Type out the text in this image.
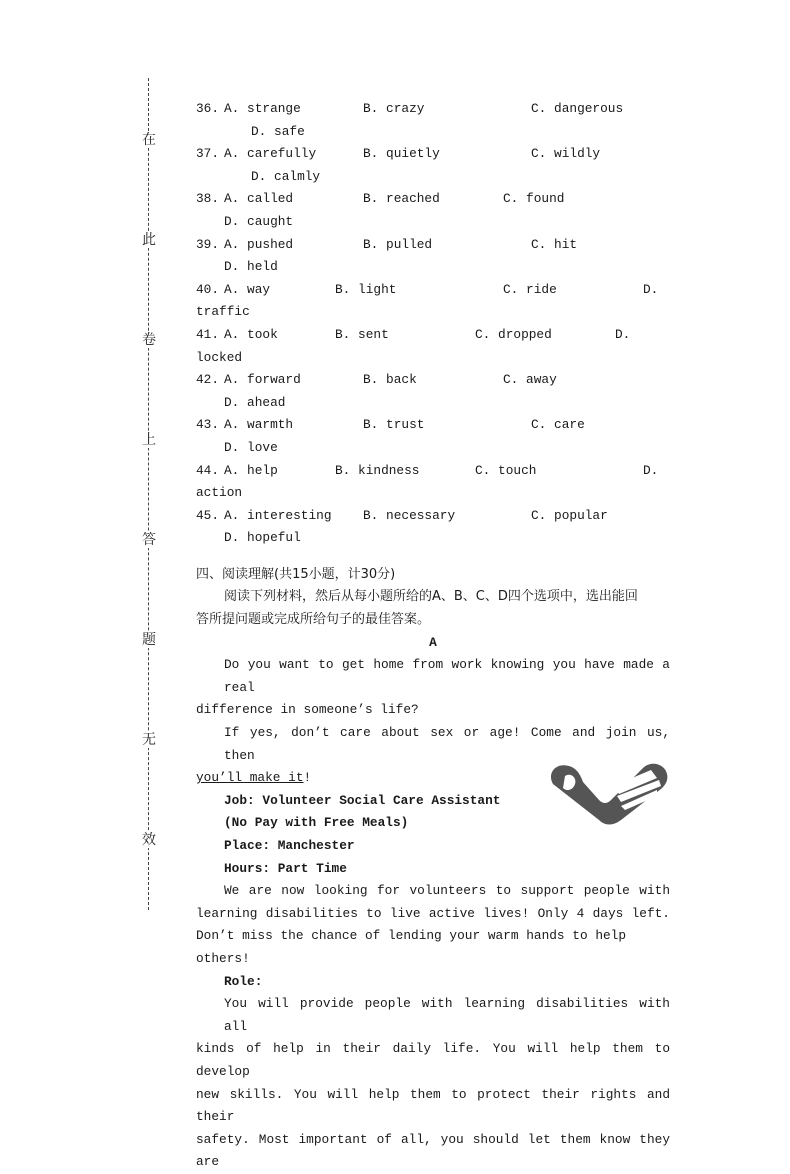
在
此
卷
上
答
题
无
效
36. A. strange	B. crazy	C. dangerous
D. safe
37. A. carefully	B. quietly	C. wildly
D. calmly
38. A. called	B. reached	C. found
D. caught
39. A. pushed	B. pulled	C. hit
D. held
40. A. way	B. light	C. ride	D.
traffic
41. A. took	B. sent	C. dropped	D.
locked
42. A. forward	B. back	C. away
D. ahead
43. A. warmth	B. trust	C. care
D. love
44. A. help	B. kindness	C. touch	D.
action
45. A. interesting B. necessary	C. popular
D. hopeful
四、阅读理解(共15小题，计30分)
阅读下列材料，然后从每小题所给的A、B、C、D四个选项中，选出能回
答所提问题或完成所给句子的最佳答案。
A
Do you want to get home from work knowing you have made a real
difference in someone’s life?
If yes, don’t care about sex or age! Come and join us, then
you’ll make it!
Job: Volunteer Social Care Assistant
(No Pay with Free Meals)
Place: Manchester
Hours: Part Time
We are now looking for volunteers to support people with
learning disabilities to live active lives! Only 4 days left.
Don’t miss the chance of lending your warm hands to help others!
Role:
You will provide people with learning disabilities with all
kinds of help in their daily life. You will help them to develop
new skills. You will help them to protect their rights and their
safety. Most important of all, you should let them know they are
